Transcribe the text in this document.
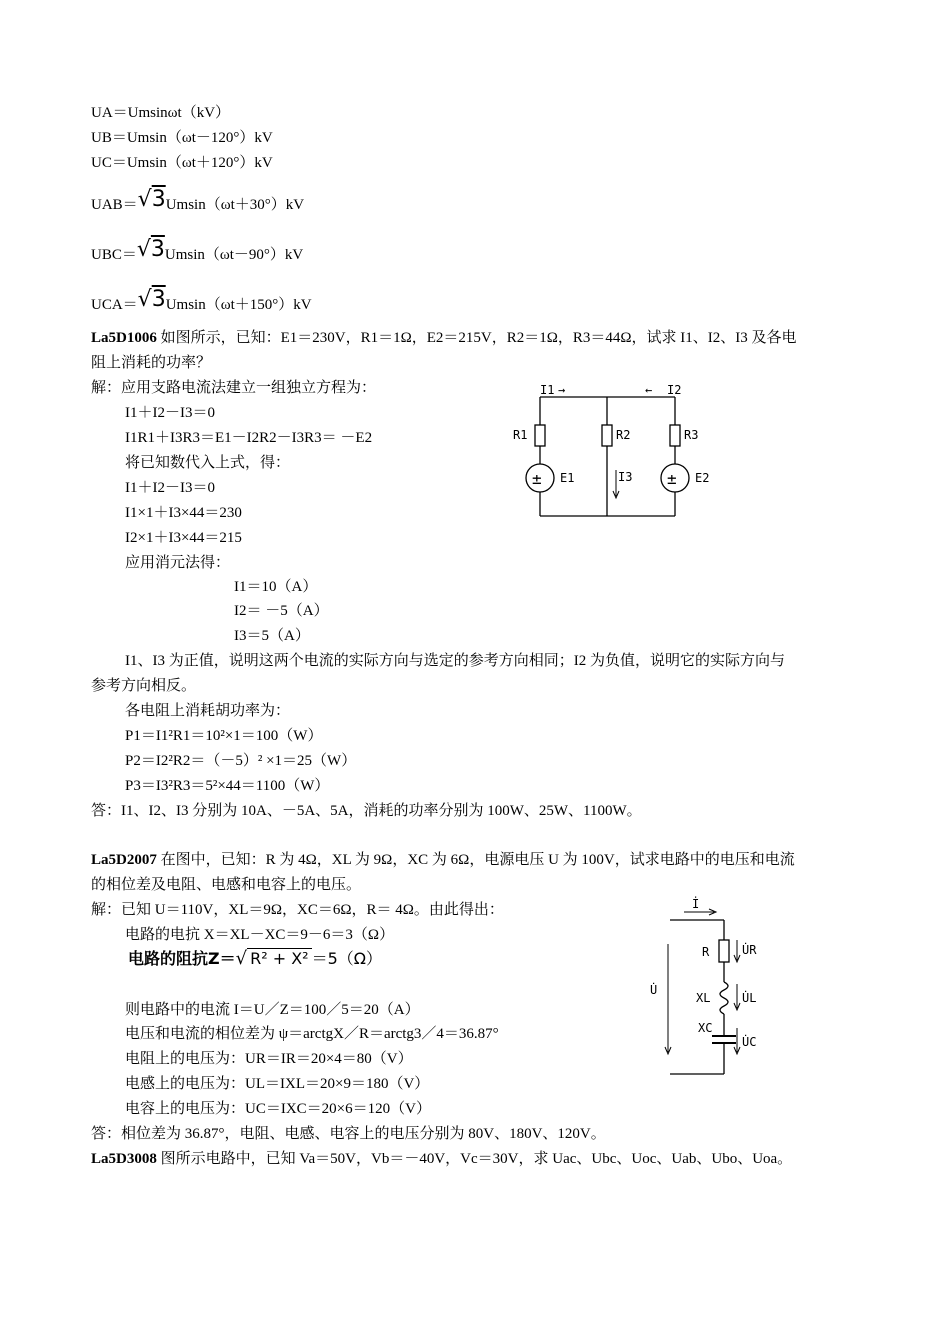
UA＝Umsinωt（kV）
UB＝Umsin（ωt－120°）kV
UC＝Umsin（ωt＋120°）kV
UAB＝√3Umsin（ωt＋30°）kV
UBC＝√3Umsin（ωt－90°）kV
UCA＝√3Umsin（ωt＋150°）kV
La5D1006 如图所示，已知：E1＝230V，R1＝1Ω，E2＝215V，R2＝1Ω，R3＝44Ω，试求 I1、I2、I3 及各电
阻上消耗的功率？
解：应用支路电流法建立一组独立方程为：
I1＋I2－I3＝0
I1R1＋I3R3＝E1－I2R2－I3R3＝ －E2
将已知数代入上式，得：
I1＋I2－I3＝0
I1×1＋I3×44＝230
I2×1＋I3×44＝215
应用消元法得：
I1＝10（A）
I2＝ －5（A）
I3＝5（A）
I1、I3 为正值，说明这两个电流的实际方向与选定的参考方向相同；I2 为负值，说明它的实际方向与
参考方向相反。
各电阻上消耗胡功率为：
P1＝I1²R1＝10²×1＝100（W）
P2＝I2²R2＝（－5）² ×1＝25（W）
P3＝I3²R3＝5²×44＝1100（W）
答：I1、I2、I3 分别为 10A、－5A、5A，消耗的功率分别为 100W、25W、1100W。
I1 →	← I2
R1	R2	R3
I3
E1	E2
±	±
La5D2007 在图中，已知：R 为 4Ω，XL 为 9Ω，XC 为 6Ω，电源电压 U 为 100V，试求电路中的电压和电流
的相位差及电阻、电感和电容上的电压。
解：已知 U＝110V，XL＝9Ω，XC＝6Ω，R＝ 4Ω。由此得出：
电路的电抗 X＝XL－XC＝9－6＝3（Ω）
电路的阻抗Z＝√ R² + X² ＝5（Ω）
则电路中的电流 I＝U／Z＝100／5＝20（A）
电压和电流的相位差为 ψ＝arctgX／R＝arctg3／4＝36.87°
电阻上的电压为：UR＝IR＝20×4＝80（V）
电感上的电压为：UL＝IXL＝20×9＝180（V）
电容上的电压为：UC＝IXC＝20×6＝120（V）
答：相位差为 36.87°，电阻、电感、电容上的电压分别为 80V、180V、120V。
İ
U̇
R
XL
XC
U̇R
U̇L
U̇C
La5D3008 图所示电路中，已知 Va＝50V，Vb＝－40V，Vc＝30V，求 Uac、Ubc、Uoc、Uab、Ubo、Uoa。
